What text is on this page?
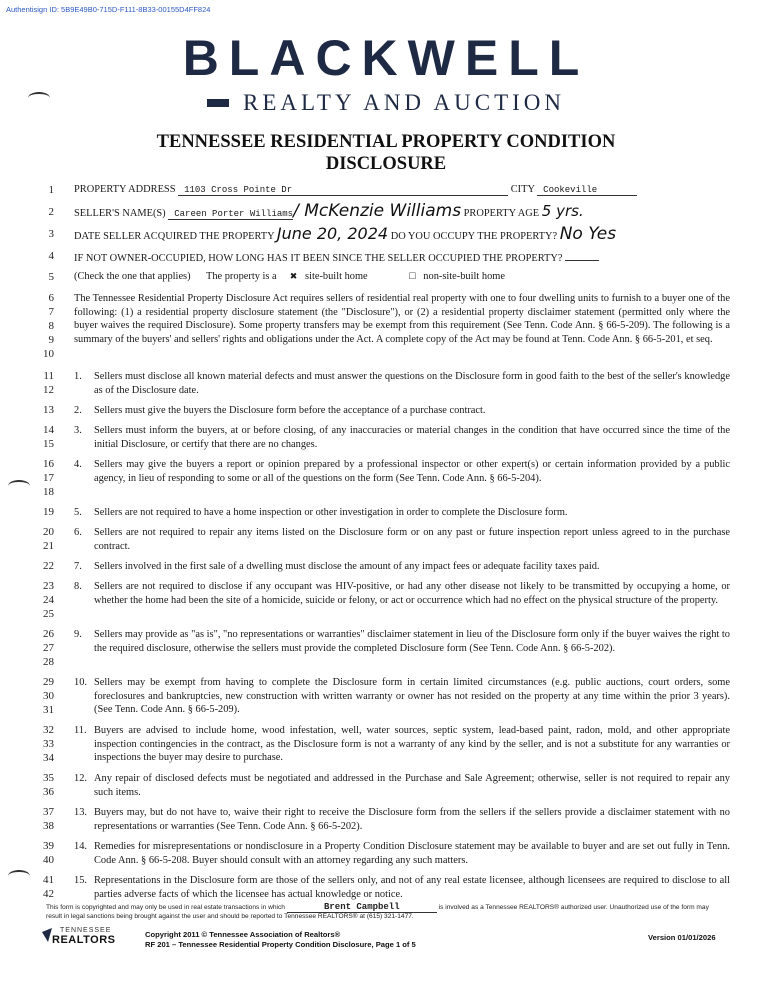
Authentisign ID: 5B9E49B0-715D-F111-8B33-00155D4FF824
BLACKWELL
REALTY AND AUCTION
TENNESSEE RESIDENTIAL PROPERTY CONDITION
DISCLOSURE
1
2
3
4
5
6
7
8
9
10
11
12
13
14
15
16
17
18
19
20
21
22
23
24
25
26
27
28
29
30
31
32
33
34
35
36
37
38
39
40
41
42
PROPERTY ADDRESS 1103 Cross Pointe Dr	CITY Cookeville
SELLER'S NAME(S) Careen Porter Williams/ McKenzie Williams PROPERTY AGE 5 yrs.
DATE SELLER ACQUIRED THE PROPERTY June 20, 2024 DO YOU OCCUPY THE PROPERTY? No Yes
IF NOT OWNER-OCCUPIED, HOW LONG HAS IT BEEN SINCE THE SELLER OCCUPIED THE PROPERTY?
(Check the one that applies) The property is a ✖ site-built home	□ non-site-built home
The Tennessee Residential Property Disclosure Act requires sellers of residential real property with one to four dwelling units to furnish to a buyer one of the following: (1) a residential property disclosure statement (the "Disclosure"), or (2) a residential property disclaimer statement (permitted only where the buyer waives the required Disclosure). Some property transfers may be exempt from this requirement (See Tenn. Code Ann. § 66-5-209). The following is a summary of the buyers' and sellers' rights and obligations under the Act. A complete copy of the Act may be found at Tenn. Code Ann. § 66-5-201, et seq.
1.	Sellers must disclose all known material defects and must answer the questions on the Disclosure form in good faith to the best of the seller's knowledge as of the Disclosure date.
2.	Sellers must give the buyers the Disclosure form before the acceptance of a purchase contract.
3.	Sellers must inform the buyers, at or before closing, of any inaccuracies or material changes in the condition that have occurred since the time of the initial Disclosure, or certify that there are no changes.
4.	Sellers may give the buyers a report or opinion prepared by a professional inspector or other expert(s) or certain information provided by a public agency, in lieu of responding to some or all of the questions on the form (See Tenn. Code Ann. § 66-5-204).
5.	Sellers are not required to have a home inspection or other investigation in order to complete the Disclosure form.
6.	Sellers are not required to repair any items listed on the Disclosure form or on any past or future inspection report unless agreed to in the purchase contract.
7.	Sellers involved in the first sale of a dwelling must disclose the amount of any impact fees or adequate facility taxes paid.
8.	Sellers are not required to disclose if any occupant was HIV-positive, or had any other disease not likely to be transmitted by occupying a home, or whether the home had been the site of a homicide, suicide or felony, or act or occurrence which had no effect on the physical structure of the property.
9.	Sellers may provide as "as is", "no representations or warranties" disclaimer statement in lieu of the Disclosure form only if the buyer waives the right to the required disclosure, otherwise the sellers must provide the completed Disclosure form (See Tenn. Code Ann. § 66-5-202).
10. Sellers may be exempt from having to complete the Disclosure form in certain limited circumstances (e.g. public auctions, court orders, some foreclosures and bankruptcies, new construction with written warranty or owner has not resided on the property at any time within the prior 3 years). (See Tenn. Code Ann. § 66-5-209).
11. Buyers are advised to include home, wood infestation, well, water sources, septic system, lead-based paint, radon, mold, and other appropriate inspection contingencies in the contract, as the Disclosure form is not a warranty of any kind by the seller, and is not a substitute for any warranties or inspections the buyer may desire to purchase.
12. Any repair of disclosed defects must be negotiated and addressed in the Purchase and Sale Agreement; otherwise, seller is not required to repair any such items.
13. Buyers may, but do not have to, waive their right to receive the Disclosure form from the sellers if the sellers provide a disclaimer statement with no representations or warranties (See Tenn. Code Ann. § 66-5-202).
14. Remedies for misrepresentations or nondisclosure in a Property Condition Disclosure statement may be available to buyer and are set out fully in Tenn. Code Ann. § 66-5-208. Buyer should consult with an attorney regarding any such matters.
15. Representations in the Disclosure form are those of the sellers only, and not of any real estate licensee, although licensees are required to disclose to all parties adverse facts of which the licensee has actual knowledge or notice.
This form is copyrighted and may only be used in real estate transactions in which	Brent Campbell	is involved as a Tennessee REALTORS® authorized user. Unauthorized use of the form may result in legal sanctions being brought against the user and should be reported to Tennessee REALTORS® at (615) 321-1477.
TENNESSEE
REALTORS	Copyright 2011 © Tennessee Association of Realtors®
RF 201 – Tennessee Residential Property Condition Disclosure, Page 1 of 5
Version 01/01/2026
